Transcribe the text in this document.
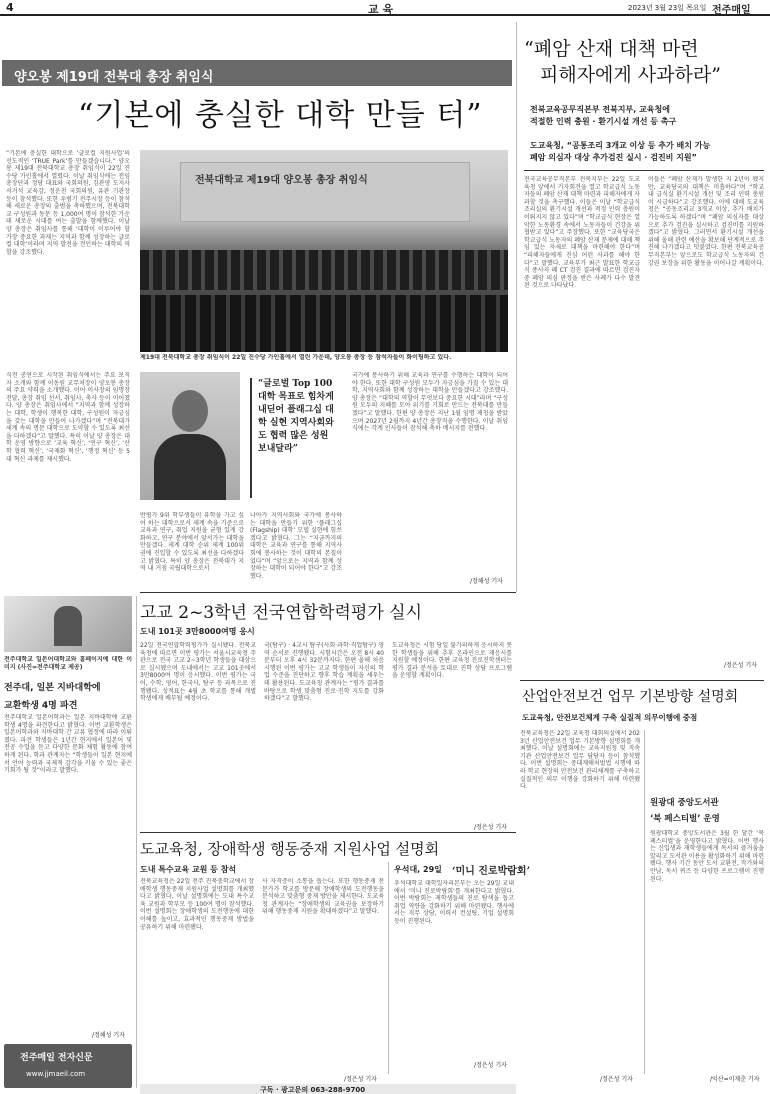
4	교 육	2023년 3월 23일 목요일 전주매일
양오봉 제19대 전북대 총장 취임식
“기본에 충실한 대학 만들 터”
“기본에 충실한 대학으로 ‘글로컬 지원사업’의 선도적인 ‘TRUE Park’를 만들겠습니다.” 양오봉 제19대 전북대학교 총장 취임식이 22일 진수당 가인홀에서 열렸다. 이날 취임식에는 전임 총장단과 정당 대표와 국회의원, 김관영 도지사 서거석 교육감, 정운천 국회의원, 유관 기관장 등이 참석했다. 또한 우범기 전주시장 등이 참석해 새로운 총장의 출범을 축하했으며, 전북대학교 구성원과 동문 등 1,000여 명이 참석한 가운데 새로운 시대를 여는 출발을 함께했다. 이날 양 총장은 취임사를 통해 ‘대학이 이루어야 할 가장 중요한 과제는 지역과 함께 성장하는 글로컬 대학’이라며 지역 발전을 견인하는 대학의 역할을 강조했다.
식전 공연으로 시작된 취임식에서는 주요 보직자 소개와 함께 이동원 교무처장이 양오봉 총장의 주요 약력을 소개했다. 이어 이사장의 임명장 전달, 총장 취임 선서, 취임사, 축사 등이 이어졌다. 양 총장은 취임사에서 “지역과 함께 성장하는 대학, 학생이 행복한 대학, 구성원이 자긍심을 갖는 대학을 만들어 나가겠다”며 “전북대가 세계 속의 명문 대학으로 도약할 수 있도록 최선을 다하겠다”고 말했다. 특히 이날 양 총장은 대학 운영 방향으로 ‘교육 혁신’, ‘연구 혁신’, ‘산학 협력 혁신’, ‘국제화 혁신’, ‘행정 혁신’ 등 5대 혁신 과제를 제시했다.
전북대학교 제19대 양오봉 총장 취임식
제19대 전북대학교 총장 취임식이 22일 진수당 가인홀에서 열린 가운데, 양오봉 총장 등 참석자들이 화이팅하고 있다.
“글로벌 Top 100 대학 목표로 힘차게 내딛어 플래그십 대학 실현 지역사회와도 협력 많은 성원 보내달라”
반평가 9위 학부생들이 유학을 가고 싶어 하는 대학으로서 세계 속을 기준으로 교육과 연구, 취업 지원을 균형 있게 강화하고, 연구 분야에서 앞서가는 대학을 만들겠다. 세계 대학 순위 세계 100위권에 진입할 수 있도록 최선을 다하겠다고 밝혔다. 특히 양 총장은 전북대가 지역 내 거점 국립대학으로서
나아가 지역사회와 국가에 봉사하는 대학을 만들기 위한 ‘플래그십 (Flagship) 대학’ 모델 실현에 힘쓰겠다고 밝혔다. 그는 “지금까지의 대학은 교육과 연구를 통해 지역사회에 봉사하는 것이 대학의 본질이었다”며 “앞으로는 지역과 함께 성장하는 대학이 되어야 한다”고 강조했다.
국가에 봉사하기 위해 교육과 연구를 수행하는 대학이 되어야 한다. 또한 대학 구성원 모두가 자긍심을 가질 수 있는 대학, 지역사회와 함께 성장하는 대학을 만들겠다고 강조했다. 양 총장은 “대학의 역할이 무엇보다 중요한 시대”라며 “구성원 모두의 지혜를 모아 위기를 기회로 만드는 전북대를 만들겠다”고 말했다. 한편 양 총장은 지난 1월 임명 제청을 받았으며 2027년 2월까지 4년간 총장직을 수행한다. 이날 취임식에는 각계 인사들이 참석해 축하 메시지를 전했다.
/정해성 기자
“폐암 산재 대책 마련
피해자에게 사과하라”
전북교육공무직본부 전북지부, 교육청에
적절한 인력 충원 · 환기시설 개선 등 촉구
도교육청, “공통조리 3개교 이상 등 추가 배치 가능
폐암 의심자 대상 추가검진 실시 · 검진비 지원”
전국교육공무직본부 전북지부는 22일 도교육청 앞에서 기자회견을 열고 학교급식 노동자들의 폐암 산재 대책 마련과 피해자에게 사과할 것을 촉구했다. 이들은 이날 “학교급식 조리실의 환기시설 개선과 적정 인력 충원이 이뤄지지 않고 있다”며 “학교급식 현장은 열악한 노동환경 속에서 노동자들이 건강을 위협받고 있다”고 주장했다. 또한 “교육당국은 학교급식 노동자의 폐암 산재 문제에 대해 책임 있는 자세로 대책을 마련해야 한다”며 “피해자들에게 진심 어린 사과를 해야 한다”고 말했다. 교육부가 최근 발표한 학교급식 종사자 폐 CT 검진 결과에 따르면 검진자 중 폐암 의심 판정을 받은 사례가 다수 발견된 것으로 나타났다.
이들은 “폐암 산재가 발생한 지 2년이 됐지만, 교육당국의 대책은 미흡하다”며 “학교 내 급식실 환기시설 개선 및 조리 인력 충원이 시급하다”고 강조했다. 이에 대해 도교육청은 “공동조리교 3개교 이상, 추가 배치가 가능하도록 하겠다”며 “폐암 의심자를 대상으로 추가 검진을 실시하고 검진비를 지원하겠다”고 밝혔다. 그러면서 환기시설 개선을 위해 올해 관련 예산을 확보해 단계적으로 추진해 나가겠다고 덧붙였다. 한편 전북교육공무직본부는 앞으로도 학교급식 노동자의 건강권 보장을 위한 활동을 이어나갈 계획이다.
/정은성 기자
고교 2~3학년 전국연합학력평가 실시
도내 101곳 3만8000여명 응시
22일 전국연합학력평가가 실시됐다. 전북교육청에 따르면 이번 평가는 서울시교육청 주관으로 전국 고교 2~3학년 학생들을 대상으로 실시됐으며 도내에서는 고교 101곳에서 3만8000여 명이 응시했다. 이번 평가는 국어, 수학, 영어, 한국사, 탐구 등 과목으로 진행됐다. 성적표는 4월 초 학교를 통해 개별 학생에게 배부될 예정이다.
국(탐구) · 4교시 탐구(사회·과학·직업탐구) 영역 순서로 진행됐다. 시험시간은 오전 8시 40분부터 오후 4시 32분까지다. 한편 올해 처음 시행된 이번 평가는 고교 학생들이 자신의 학업 수준을 진단하고 향후 학습 계획을 세우는 데 활용된다. 도교육청 관계자는 “평가 결과를 바탕으로 학생 맞춤형 진로·진학 지도를 강화하겠다”고 말했다.
도교육청은 시험 당일 불가피하게 응시하지 못한 학생들을 위해 추후 온라인으로 재응시를 지원할 예정이다. 한편 교육청 진로진학센터는 평가 결과 분석을 토대로 진학 상담 프로그램을 운영할 계획이다.
/정은성 기자
전주대학교 일본어대학교와 홈페이지에 대한 이미지 (사진=전주대학교 제공)
전주대, 일본 지바대학에
교환학생 4명 파견
전주대학교 일본어학과는 일본 지바대학에 교환학생 4명을 파견한다고 밝혔다. 이번 교환학생은 일본어학과와 지바대학 간 교류 협정에 따라 이뤄졌다. 파견 학생들은 1년간 현지에서 일본어 및 전공 수업을 듣고 다양한 문화 체험 활동에 참여하게 된다. 학과 관계자는 “학생들이 일본 현지에서 언어 능력과 국제적 감각을 키울 수 있는 좋은 기회가 될 것”이라고 말했다.
/정해성 기자
전주매일 전자신문
www.jjmaeil.com
도교육청, 장애학생 행동중재 지원사업 설명회
도내 특수교육 교원 등 참석
전북교육청은 22일 전주 진북중학교에서 장애학생 행동중재 지원사업 설명회를 개최했다고 밝혔다. 이날 설명회에는 도내 특수교육 교원과 학부모 등 100여 명이 참석했다. 이번 설명회는 장애학생의 도전행동에 대한 이해를 높이고, 효과적인 행동중재 방법을 공유하기 위해 마련됐다.
사 자격증이 소통을 돕는다. 또한 행동중재 전문가가 학교를 방문해 장애학생의 도전행동을 분석하고 맞춤형 중재 방안을 제시한다. 도교육청 관계자는 “장애학생의 교육권을 보장하기 위해 행동중재 지원을 확대하겠다”고 말했다.
/정은성 기자
우석대, 29일 ‘미니 진로박람회’
우석대학교 대학일자리본부는 오는 29일 교내에서 ‘미니 진로박람회’를 개최한다고 밝혔다. 이번 박람회는 재학생들의 진로 탐색을 돕고 취업 역량을 강화하기 위해 마련됐다. 행사에서는 직무 상담, 이력서 컨설팅, 기업 설명회 등이 진행된다.
/정은성 기자
산업안전보건 업무 기본방향 설명회
도교육청, 안전보건체계 구축 실질적 의무이행에 중점
전북교육청은 22일 교육청 대회의실에서 2023년 산업안전보건 업무 기본방향 설명회를 개최했다. 이날 설명회에는 교육지원청 및 직속기관 산업안전보건 업무 담당자 등이 참석했다. 이번 설명회는 중대재해처벌법 시행에 따라 학교 현장의 안전보건 관리체계를 구축하고 실질적인 의무 이행을 강화하기 위해 마련됐다.
/정은성 기자
원광대 중앙도서관
‘북 페스티벌’ 운영
원광대학교 중앙도서관은 3월 한 달간 ‘북 페스티벌’을 운영한다고 밝혔다. 이번 행사는 신입생과 재학생들에게 독서의 즐거움을 알리고 도서관 이용을 활성화하기 위해 마련됐다. 행사 기간 동안 도서 교환전, 작가와의 만남, 독서 퀴즈 등 다양한 프로그램이 진행된다.
/익산=이재춘 기자
구독 · 광고문의 063-288-9700
